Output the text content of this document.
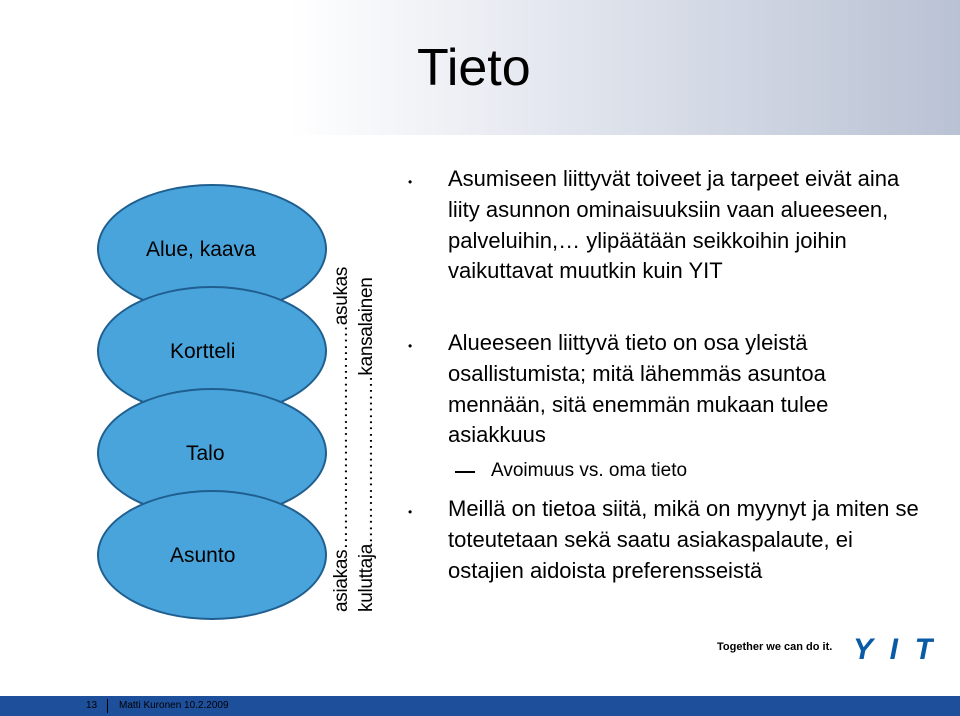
Tieto
Alue, kaava
Kortteli
Talo
Asunto	asiakas………………………………asukas kuluttaja………………………kansalainen
• Asumiseen liittyvät toiveet ja tarpeet eivät aina liity asunnon ominaisuuksiin vaan alueeseen, palveluihin,… ylipäätään seikkoihin joihin vaikuttavat muutkin kuin YIT
• Alueeseen liittyvä tieto on osa yleistä osallistumista; mitä lähemmäs asuntoa mennään, sitä enemmän mukaan tulee asiakkuus
Avoimuus vs. oma tieto
• Meillä on tietoa siitä, mikä on myynyt ja miten se toteutetaan sekä saatu asiakaspalaute, ei ostajien aidoista preferensseistä
Together we can do it. YIT
13 Matti Kuronen 10.2.2009
